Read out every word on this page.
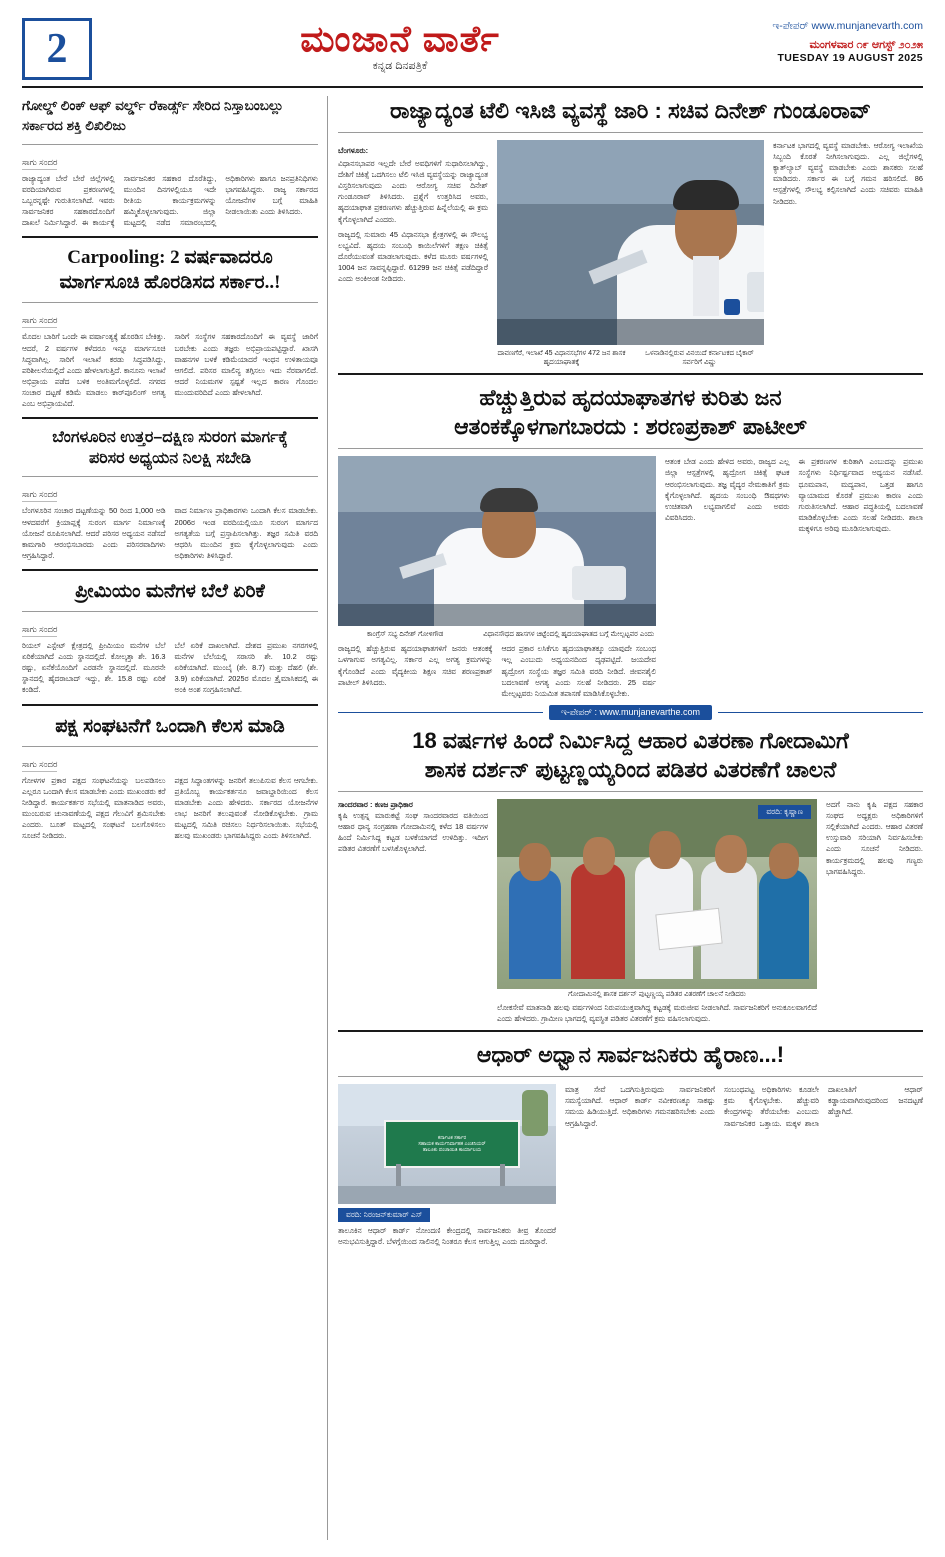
2	ಮಂಜಾನೆ ವಾರ್ತೆ
ಕನ್ನಡ ದಿನಪತ್ರಿಕೆ
ಇ-ಪೇಪರ್ www.munjanevarth.com
ಮಂಗಳವಾರ ೧೯ ಆಗಸ್ಟ್ ೨೦೨೫
TUESDAY 19 AUGUST 2025
ಗೋಲ್ಡ್ ಲಿಂಕ್ ಆಫ್ ವರ್ಲ್ಡ್ ರೆಕಾರ್ಡ್ಸ್ ಸೇರಿದ ನಿಸ್ತಾಬಂಬಲ್ಲು ಸರ್ಕಾರದ ಶಕ್ತಿ ಲಿಖಿಲಿಜು
ಸಾಗು ಸಂದರ
ರಾಜ್ಯಾದ್ಯಂತ ಬೇರೆ ಬೇರೆ ಜಿಲ್ಲೆಗಳಲ್ಲಿ ವರದಿಯಾಗಿರುವ ಪ್ರಕರಣಗಳಲ್ಲಿ ಒಬ್ಬರನ್ನಷ್ಟೇ ಗುರುತಿಸಲಾಗಿದೆ. ಇವರು ಸಾರ್ವಜನಿಕರ ಸಹಕಾರದೊಂದಿಗೆ ದಾಖಲೆ ನಿರ್ಮಿಸಿದ್ದಾರೆ. ಈ ಕಾರ್ಯಕ್ಕೆ ಸಾರ್ವಜನಿಕರ ಸಹಕಾರ ದೊರೆತಿದ್ದು, ಮುಂದಿನ ದಿನಗಳಲ್ಲಿಯೂ ಇದೇ ರೀತಿಯ ಕಾರ್ಯಕ್ರಮಗಳನ್ನು ಹಮ್ಮಿಕೊಳ್ಳಲಾಗುವುದು. ಜಿಲ್ಲಾ ಮಟ್ಟದಲ್ಲಿ ನಡೆದ ಸಮಾರಂಭದಲ್ಲಿ ಅಧಿಕಾರಿಗಳು ಹಾಗೂ ಜನಪ್ರತಿನಿಧಿಗಳು ಭಾಗವಹಿಸಿದ್ದರು. ರಾಜ್ಯ ಸರ್ಕಾರದ ಯೋಜನೆಗಳ ಬಗ್ಗೆ ಮಾಹಿತಿ ನೀಡಲಾಯಿತು ಎಂದು ತಿಳಿಸಿದರು.
Carpooling: 2 ವರ್ಷವಾದರೂ
ಮಾರ್ಗಸೂಚಿ ಹೊರಡಿಸದ ಸರ್ಕಾರ..!
ಸಾಗು ಸಂದರ
ಮೊದಲ ಬಾರಿಗೆ ಒಂದೇ ಈ ವರ್ಷಾಂತ್ಯಕ್ಕೆ ಹೊರಡಿಸ ಬೇಕಿತ್ತು. ಆದರೆ, 2 ವರ್ಷಗಳ ಕಳೆದರೂ ಇನ್ನೂ ಮಾರ್ಗಸೂಚಿ ಸಿದ್ಧವಾಗಿಲ್ಲ. ಸಾರಿಗೆ ಇಲಾಖೆ ಕರಡು ಸಿದ್ಧಪಡಿಸಿದ್ದು, ಪರಿಶೀಲನೆಯಲ್ಲಿದೆ ಎಂದು ಹೇಳಲಾಗುತ್ತಿದೆ. ಕಾನೂನು ಇಲಾಖೆ ಅಭಿಪ್ರಾಯ ಪಡೆದ ಬಳಿಕ ಅಂತಿಮಗೊಳ್ಳಲಿದೆ. ನಗರದ ಸಂಚಾರ ದಟ್ಟಣೆ ಕಡಿಮೆ ಮಾಡಲು ಕಾರ್‌ಪೂಲಿಂಗ್ ಅಗತ್ಯ ಎಂಬ ಅಭಿಪ್ರಾಯವಿದೆ.
ಸಾರಿಗೆ ಸಂಸ್ಥೆಗಳ ಸಹಕಾರದೊಂದಿಗೆ ಈ ವ್ಯವಸ್ಥೆ ಜಾರಿಗೆ ಬರಬೇಕು ಎಂದು ತಜ್ಞರು ಅಭಿಪ್ರಾಯಪಟ್ಟಿದ್ದಾರೆ. ಖಾಸಗಿ ವಾಹನಗಳ ಬಳಕೆ ಕಡಿಮೆಯಾದರೆ ಇಂಧನ ಉಳಿತಾಯವೂ ಆಗಲಿದೆ. ಪರಿಸರ ಮಾಲಿನ್ಯ ತಗ್ಗಿಸಲು ಇದು ನೆರವಾಗಲಿದೆ. ಆದರೆ ನಿಯಮಗಳ ಸ್ಪಷ್ಟತೆ ಇಲ್ಲದ ಕಾರಣ ಗೊಂದಲ ಮುಂದುವರಿದಿದೆ ಎಂದು ಹೇಳಲಾಗಿದೆ.
ಬೆಂಗಳೂರಿನ ಉತ್ತರ–ದಕ್ಷಿಣ ಸುರಂಗ ಮಾರ್ಗಕ್ಕೆ
ಪರಿಸರ ಅಧ್ಯಯನ ನಿಲಕ್ಷಿ ಸಬೇಡಿ
ಸಾಗು ಸಂದರ
ಬೆಂಗಳೂರಿನ ಸಂಚಾರ ದಟ್ಟಣೆಯನ್ನು 50 ರಿಂದ 1,000 ಅಡಿ ಆಳದವರೆಗೆ ಕ್ರಿಯಾಪ್ಲಕ್ಕೆ ಸುರಂಗ ಮಾರ್ಗ ನಿರ್ಮಾಣಕ್ಕೆ ಯೋಜನೆ ರೂಪಿಸಲಾಗಿದೆ. ಆದರೆ ಪರಿಸರ ಅಧ್ಯಯನ ನಡೆಸದೆ ಕಾಮಗಾರಿ ಆರಂಭಿಸಬಾರದು ಎಂದು ಪರಿಸರವಾದಿಗಳು ಆಗ್ರಹಿಸಿದ್ದಾರೆ.
ವಾದ ನಿರ್ಮಾಣ ಪ್ರಾಧಿಕಾರಗಳು ಒಂದಾಗಿ ಕೆಲಸ ಮಾಡಬೇಕು. 2006ರ ಇಂಡ ವರದಿಯಲ್ಲಿಯೂ ಸುರಂಗ ಮಾರ್ಗದ ಅಗತ್ಯತೆಯ ಬಗ್ಗೆ ಪ್ರಸ್ತಾಪಿಸಲಾಗಿತ್ತು. ತಜ್ಞರ ಸಮಿತಿ ವರದಿ ಆಧರಿಸಿ ಮುಂದಿನ ಕ್ರಮ ಕೈಗೊಳ್ಳಲಾಗುವುದು ಎಂದು ಅಧಿಕಾರಿಗಳು ತಿಳಿಸಿದ್ದಾರೆ.
ಪ್ರೀಮಿಯಂ ಮನೆಗಳ ಬೆಲೆ ಏರಿಕೆ
ಸಾಗು ಸಂದರ
ರಿಯಲ್ ಎಸ್ಟೇಟ್ ಕ್ಷೇತ್ರದಲ್ಲಿ ಪ್ರೀಮಿಯಂ ಮನೆಗಳ ಬೆಲೆ ಏರಿಕೆಯಾಗಿದೆ ಎಂದು ಸ್ಥಾನದಲ್ಲಿದೆ. ಕೋಲ್ಕತ್ತಾ ಶೇ. 16.3 ರಷ್ಟು, ಏನೆಕೆಯೊಂದಿಗೆ ಎರಡನೇ ಸ್ಥಾನದಲ್ಲಿದೆ. ಮೂರನೇ ಸ್ಥಾನದಲ್ಲಿ ಹೈದರಾಬಾದ್ ಇದ್ದು, ಶೇ. 15.8 ರಷ್ಟು ಏರಿಕೆ ಕಂಡಿದೆ.
ಬೆಲೆ ಏರಿಕೆ ದಾಖಲಾಗಿದೆ. ದೇಶದ ಪ್ರಮುಖ ನಗರಗಳಲ್ಲಿ ಮನೆಗಳ ಬೆಲೆಯಲ್ಲಿ ಸರಾಸರಿ ಶೇ. 10.2 ರಷ್ಟು ಏರಿಕೆಯಾಗಿದೆ. ಮುಂಬೈ (ಶೇ. 8.7) ಮತ್ತು ದೆಹಲಿ (ಶೇ. 3.9) ಏರಿಕೆಯಾಗಿದೆ. 2025ರ ಮೊದಲ ತ್ರೈಮಾಸಿಕದಲ್ಲಿ ಈ ಅಂಕಿ ಅಂಶ ಸಂಗ್ರಹಿಸಲಾಗಿದೆ.
ಪಕ್ಷ ಸಂಘಟನೆಗೆ ಒಂದಾಗಿ ಕೆಲಸ ಮಾಡಿ
ಸಾಗು ಸಂದರ
ಗೋಳಗಳ ಪ್ರಕಾರ ಪಕ್ಷದ ಸಂಘಟನೆಯನ್ನು ಬಲಪಡಿಸಲು ಎಲ್ಲರೂ ಒಂದಾಗಿ ಕೆಲಸ ಮಾಡಬೇಕು ಎಂದು ಮುಖಂಡರು ಕರೆ ನೀಡಿದ್ದಾರೆ. ಕಾರ್ಯಕರ್ತರ ಸಭೆಯಲ್ಲಿ ಮಾತನಾಡಿದ ಅವರು, ಮುಂಬರುವ ಚುನಾವಣೆಯಲ್ಲಿ ಪಕ್ಷದ ಗೆಲುವಿಗೆ ಶ್ರಮಿಸಬೇಕು ಎಂದರು. ಬೂತ್ ಮಟ್ಟದಲ್ಲಿ ಸಂಘಟನೆ ಬಲಗೊಳಿಸಲು ಸೂಚನೆ ನೀಡಿದರು.
ಪಕ್ಷದ ಸಿದ್ಧಾಂತಗಳನ್ನು ಜನರಿಗೆ ತಲುಪಿಸುವ ಕೆಲಸ ಆಗಬೇಕು. ಪ್ರತಿಯೊಬ್ಬ ಕಾರ್ಯಕರ್ತನೂ ಜವಾಬ್ದಾರಿಯಿಂದ ಕೆಲಸ ಮಾಡಬೇಕು ಎಂದು ಹೇಳಿದರು. ಸರ್ಕಾರದ ಯೋಜನೆಗಳ ಲಾಭ ಜನರಿಗೆ ತಲುಪುವಂತೆ ನೋಡಿಕೊಳ್ಳಬೇಕು. ಗ್ರಾಮ ಮಟ್ಟದಲ್ಲಿ ಸಮಿತಿ ರಚಿಸಲು ನಿರ್ಧರಿಸಲಾಯಿತು. ಸಭೆಯಲ್ಲಿ ಹಲವು ಮುಖಂಡರು ಭಾಗವಹಿಸಿದ್ದರು ಎಂದು ತಿಳಿಸಲಾಗಿದೆ.
ರಾಜ್ಯಾದ್ಯಂತ ಟೆಲಿ ಇಸಿಜಿ ವ್ಯವಸ್ಥೆ ಜಾರಿ : ಸಚಿವ ದಿನೇಶ್ ಗುಂಡೂರಾವ್
ಬೆಂಗಳೂರು:
ವಿಧಾನಸಭಾಪರ ಇಲ್ಲದೇ ಬೇರೆ ಅವಧಿಗಳಿಗೆ ಸುಧಾರಿಸಲಾಗಿದ್ದು, ದೇಶಿಗೆ ಚಿಕಿತ್ಸೆ ಒದಗಿಸಲು ಟೆಲಿ ಇಸಿಜಿ ವ್ಯವಸ್ಥೆಯನ್ನು ರಾಜ್ಯಾದ್ಯಂತ ವಿಸ್ತರಿಸಲಾಗುವುದು ಎಂದು ಆರೋಗ್ಯ ಸಚಿವ ದಿನೇಶ್ ಗುಂಡೂರಾವ್ ತಿಳಿಸಿದರು. ಪ್ರಶ್ನೆಗೆ ಉತ್ತರಿಸಿದ ಅವರು, ಹೃದಯಾಘಾತ ಪ್ರಕರಣಗಳು ಹೆಚ್ಚುತ್ತಿರುವ ಹಿನ್ನೆಲೆಯಲ್ಲಿ ಈ ಕ್ರಮ ಕೈಗೊಳ್ಳಲಾಗಿದೆ ಎಂದರು.
ರಾಜ್ಯದಲ್ಲಿ ಸುಮಾರು 45 ವಿಧಾನಸಭಾ ಕ್ಷೇತ್ರಗಳಲ್ಲಿ ಈ ಸೌಲಭ್ಯ ಲಭ್ಯವಿದೆ. ಹೃದಯ ಸಂಬಂಧಿ ಕಾಯಿಲೆಗಳಿಗೆ ತಕ್ಷಣ ಚಿಕಿತ್ಸೆ ದೊರೆಯುವಂತೆ ಮಾಡಲಾಗುವುದು. ಕಳೆದ ಮೂರು ವರ್ಷಗಳಲ್ಲಿ 1004 ಜನ ಸಾವನ್ನಪ್ಪಿದ್ದಾರೆ. 61299 ಜನ ಚಿಕಿತ್ಸೆ ಪಡೆದಿದ್ದಾರೆ ಎಂದು ಅಂಕಿಅಂಶ ನೀಡಿದರು.
ದಾವಣಗೆರೆ, ಇಲಾಖೆ 45 ವಿಧಾನಸಭೆಗಳ 472 ಜನ ಶಾಸಕ ಹೃದಯಾಘಾತಕ್ಕೆ
ಒಳನಾಡಿನಲ್ಲಿರುವ ವಿನಯಿದೆ ಕರ್ನಾಟಕದ ಬೈಕಾರ್ ಸರ್ವರಿಗೆ ವಿಷ್ಣು
ಕರ್ನಾಟಕ ಭಾಗದಲ್ಲಿ ವ್ಯವಸ್ಥೆ ಮಾಡಬೇಕು. ಆರೋಗ್ಯ ಇಲಾಖೆಯ ಸಿಬ್ಬಂದಿ ಕೊರತೆ ನೀಗಿಸಲಾಗುವುದು. ಎಲ್ಲ ಜಿಲ್ಲೆಗಳಲ್ಲಿ ಕ್ಯಾತ್‌ಲ್ಯಾಬ್ ವ್ಯವಸ್ಥೆ ಮಾಡಬೇಕು ಎಂದು ಶಾಸಕರು ಸಲಹೆ ಮಾಡಿದರು. ಸರ್ಕಾರ ಈ ಬಗ್ಗೆ ಗಮನ ಹರಿಸಲಿದೆ. 86 ಆಸ್ಪತ್ರೆಗಳಲ್ಲಿ ಸೌಲಭ್ಯ ಕಲ್ಪಿಸಲಾಗಿದೆ ಎಂದು ಸಚಿವರು ಮಾಹಿತಿ ನೀಡಿದರು.
ಹೆಚ್ಚುತ್ತಿರುವ ಹೃದಯಾಘಾತಗಳ ಕುರಿತು ಜನ
ಆತಂಕಕ್ಕೊಳಗಾಗಬಾರದು : ಶರಣಪ್ರಕಾಶ್ ಪಾಟೀಲ್
ಕಾಂಗ್ರೆಸ್ ಸಭ್ಯ ದಿನೇಶ್ ಗೋಳಿಗೌಡ	ವಿಧಾನಸೌಧದ ಹಾಸಗಳ ಚಿಟ್ಟೆಂದಲ್ಲಿ ಹೃದಯಾಘಾತದ ಬಗ್ಗೆ ಮೇಲ್ಪಟ್ಟವರ ಎಂದು
ರಾಜ್ಯದಲ್ಲಿ ಹೆಚ್ಚುತ್ತಿರುವ ಹೃದಯಾಘಾತಗಳಿಗೆ ಜನರು ಆತಂಕಕ್ಕೆ ಒಳಗಾಗುವ ಅಗತ್ಯವಿಲ್ಲ. ಸರ್ಕಾರ ಎಲ್ಲ ಅಗತ್ಯ ಕ್ರಮಗಳನ್ನು ಕೈಗೊಂಡಿದೆ ಎಂದು ವೈದ್ಯಕೀಯ ಶಿಕ್ಷಣ ಸಚಿವ ಶರಣಪ್ರಕಾಶ್ ಪಾಟೀಲ್ ತಿಳಿಸಿದರು.
ಆದರ ಪ್ರಕಾರ ಲಸಿಕೆಗೂ ಹೃದಯಾಘಾತಕ್ಕೂ ಯಾವುದೇ ಸಂಬಂಧ ಇಲ್ಲ ಎಂಬುದು ಅಧ್ಯಯನದಿಂದ ದೃಢಪಟ್ಟಿದೆ. ಜಯದೇವ ಹೃದ್ರೋಗ ಸಂಸ್ಥೆಯ ತಜ್ಞರ ಸಮಿತಿ ವರದಿ ನೀಡಿದೆ. ಜೀವನಶೈಲಿ ಬದಲಾವಣೆ ಅಗತ್ಯ ಎಂದು ಸಲಹೆ ನೀಡಿದರು. 25 ವರ್ಷ ಮೇಲ್ಪಟ್ಟವರು ನಿಯಮಿತ ತಪಾಸಣೆ ಮಾಡಿಸಿಕೊಳ್ಳಬೇಕು.
ಆತಂಕ ಬೇಡ ಎಂದು ಹೇಳಿದ ಅವರು, ರಾಜ್ಯದ ಎಲ್ಲ ಜಿಲ್ಲಾ ಆಸ್ಪತ್ರೆಗಳಲ್ಲಿ ಹೃದ್ರೋಗ ಚಿಕಿತ್ಸೆ ಘಟಕ ಆರಂಭಿಸಲಾಗುವುದು. ತಜ್ಞ ವೈದ್ಯರ ನೇಮಕಾತಿಗೆ ಕ್ರಮ ಕೈಗೊಳ್ಳಲಾಗಿದೆ. ಹೃದಯ ಸಂಬಂಧಿ ಔಷಧಗಳು ಉಚಿತವಾಗಿ ಲಭ್ಯವಾಗಲಿವೆ ಎಂದು ಅವರು ವಿವರಿಸಿದರು.
ಈ ಪ್ರಕರಣಗಳ ಕುರಿತಾಗಿ ಎಂಬುದನ್ನು ಪ್ರಮುಖ ಸಂಸ್ಥೆಗಳು ನಿರ್ಧಿರ್ಷ್ಟವಾದ ಅಧ್ಯಯನ ನಡೆಸಿವೆ. ಧೂಮಪಾನ, ಮದ್ಯಪಾನ, ಒತ್ತಡ ಹಾಗೂ ವ್ಯಾಯಾಮದ ಕೊರತೆ ಪ್ರಮುಖ ಕಾರಣ ಎಂದು ಗುರುತಿಸಲಾಗಿದೆ. ಆಹಾರ ಪದ್ಧತಿಯಲ್ಲಿ ಬದಲಾವಣೆ ಮಾಡಿಕೊಳ್ಳಬೇಕು ಎಂದು ಸಲಹೆ ನೀಡಿದರು. ಶಾಲಾ ಮಕ್ಕಳಿಗೂ ಅರಿವು ಮೂಡಿಸಲಾಗುವುದು.
ಇ-ಪೇಪರ್ : www.munjanevarthe.com
18 ವರ್ಷಗಳ ಹಿಂದೆ ನಿರ್ಮಿಸಿದ್ದ ಆಹಾರ ವಿತರಣಾ ಗೋದಾಮಿಗೆ
ಶಾಸಕ ದರ್ಶನ್ ಪುಟ್ಟಣ್ಣಯ್ಯರಿಂದ ಪಡಿತರ ವಿತರಣೆಗೆ ಚಾಲನೆ
ಸಾಂದರವಾರ : ಕಣಜ ಪ್ರಾಧಿಕಾರ
ಕೃಷಿ ಉತ್ಪನ್ನ ಮಾರುಕಟ್ಟೆ ಸಂಘ ಸಾಂದರವಾರದ ವತಿಯಿಂದ ಆಹಾರ ಧಾನ್ಯ ಸಂಗ್ರಹಣಾ ಗೋದಾಮಿನಲ್ಲಿ ಕಳೆದ 18 ವರ್ಷಗಳ ಹಿಂದೆ ನಿರ್ಮಿಸಿದ್ದ ಕಟ್ಟಡ ಬಳಕೆಯಾಗದೆ ಉಳಿದಿತ್ತು. ಇದೀಗ ಪಡಿತರ ವಿತರಣೆಗೆ ಬಳಸಿಕೊಳ್ಳಲಾಗಿದೆ.
ವರದಿ: ಕೃಷ್ಣಾಣ
ಗೋದಾಮಿನಲ್ಲಿ ಶಾಸಕ ದರ್ಶನ್ ಪುಟ್ಟಣ್ಣಯ್ಯ ಪಡಿತರ ವಿತರಣೆಗೆ ಚಾಲನೆ ನೀಡಿದರು
ಲೋಕಸೇವೆ ಮಾತನಾಡಿ ಹಲವು ವರ್ಷಗಳಿಂದ ನಿರುಪಯುಕ್ತವಾಗಿದ್ದ ಕಟ್ಟಡಕ್ಕೆ ಮರುಜೀವ ನೀಡಲಾಗಿದೆ. ಸಾರ್ವಜನಿಕರಿಗೆ ಅನುಕೂಲವಾಗಲಿದೆ ಎಂದು ಹೇಳಿದರು. ಗ್ರಾಮೀಣ ಭಾಗದಲ್ಲಿ ವ್ಯವಸ್ಥಿತ ಪಡಿತರ ವಿತರಣೆಗೆ ಕ್ರಮ ವಹಿಸಲಾಗುವುದು.
ಅದಗೆ ನಾನು ಕೃಷಿ ಪಕ್ಷದ ಸಹಕಾರ ಸಂಘದ ಅಧ್ಯಕ್ಷರು ಅಧಿಕಾರಿಗಳಿಗೆ ಸಲ್ಲಿಕೆಯಾಗಿದೆ ಎಂದರು. ಆಹಾರ ವಿತರಣೆ ಉಸ್ತುವಾರಿ ಸರಿಯಾಗಿ ನಿರ್ವಹಿಸಬೇಕು ಎಂದು ಸೂಚನೆ ನೀಡಿದರು. ಕಾರ್ಯಕ್ರಮದಲ್ಲಿ ಹಲವು ಗಣ್ಯರು ಭಾಗವಹಿಸಿದ್ದರು.
ಆಧಾರ್ ಅಧ್ವಾನ ಸಾರ್ವಜನಿಕರು ಹೈರಾಣ...!
ಕರ್ನಾಟಕ ಸರ್ಕಾರ
ಸಹಾಯಕ ಕಾರ್ಯನಿರ್ವಾಹಕ ಎಂಜಿನಿಯರ್
ತಾಲೂಕು ಪಂಚಾಯಿತಿ ಕಾರ್ಯಾಲಯ
ವರದಿ: ನಿರಂಜನ್‌ಕುಮಾರ್ ಎಸ್
ತಾಲೂಕಿನ ಆಧಾರ್ ಕಾರ್ಡ್ ನೋಂದಣಿ ಕೇಂದ್ರದಲ್ಲಿ ಸಾರ್ವಜನಿಕರು ತೀವ್ರ ತೊಂದರೆ ಅನುಭವಿಸುತ್ತಿದ್ದಾರೆ. ಬೆಳಗ್ಗೆಯಿಂದ ಸಾಲಿನಲ್ಲಿ ನಿಂತರೂ ಕೆಲಸ ಆಗುತ್ತಿಲ್ಲ ಎಂದು ದೂರಿದ್ದಾರೆ.
ಮಾತ್ರ ಸೇವೆ ಒದಗಿಸುತ್ತಿರುವುದು ಸಾರ್ವಜನಿಕರಿಗೆ ಸಮಸ್ಯೆಯಾಗಿದೆ. ಆಧಾರ್ ಕಾರ್ಡ್ ನವೀಕರಣಕ್ಕೂ ಸಾಕಷ್ಟು ಸಮಯ ಹಿಡಿಯುತ್ತಿದೆ. ಅಧಿಕಾರಿಗಳು ಗಮನಹರಿಸಬೇಕು ಎಂದು ಆಗ್ರಹಿಸಿದ್ದಾರೆ.
ಸಂಬಂಧಪಟ್ಟ ಅಧಿಕಾರಿಗಳು ಕೂಡಲೇ ಕ್ರಮ ಕೈಗೊಳ್ಳಬೇಕು. ಹೆಚ್ಚುವರಿ ಕೇಂದ್ರಗಳನ್ನು ತೆರೆಯಬೇಕು ಎಂಬುದು ಸಾರ್ವಜನಿಕರ ಒತ್ತಾಯ. ಮಕ್ಕಳ ಶಾಲಾ ದಾಖಲಾತಿಗೆ ಆಧಾರ್ ಕಡ್ಡಾಯವಾಗಿರುವುದರಿಂದ ಜನದಟ್ಟಣೆ ಹೆಚ್ಚಾಗಿದೆ.
